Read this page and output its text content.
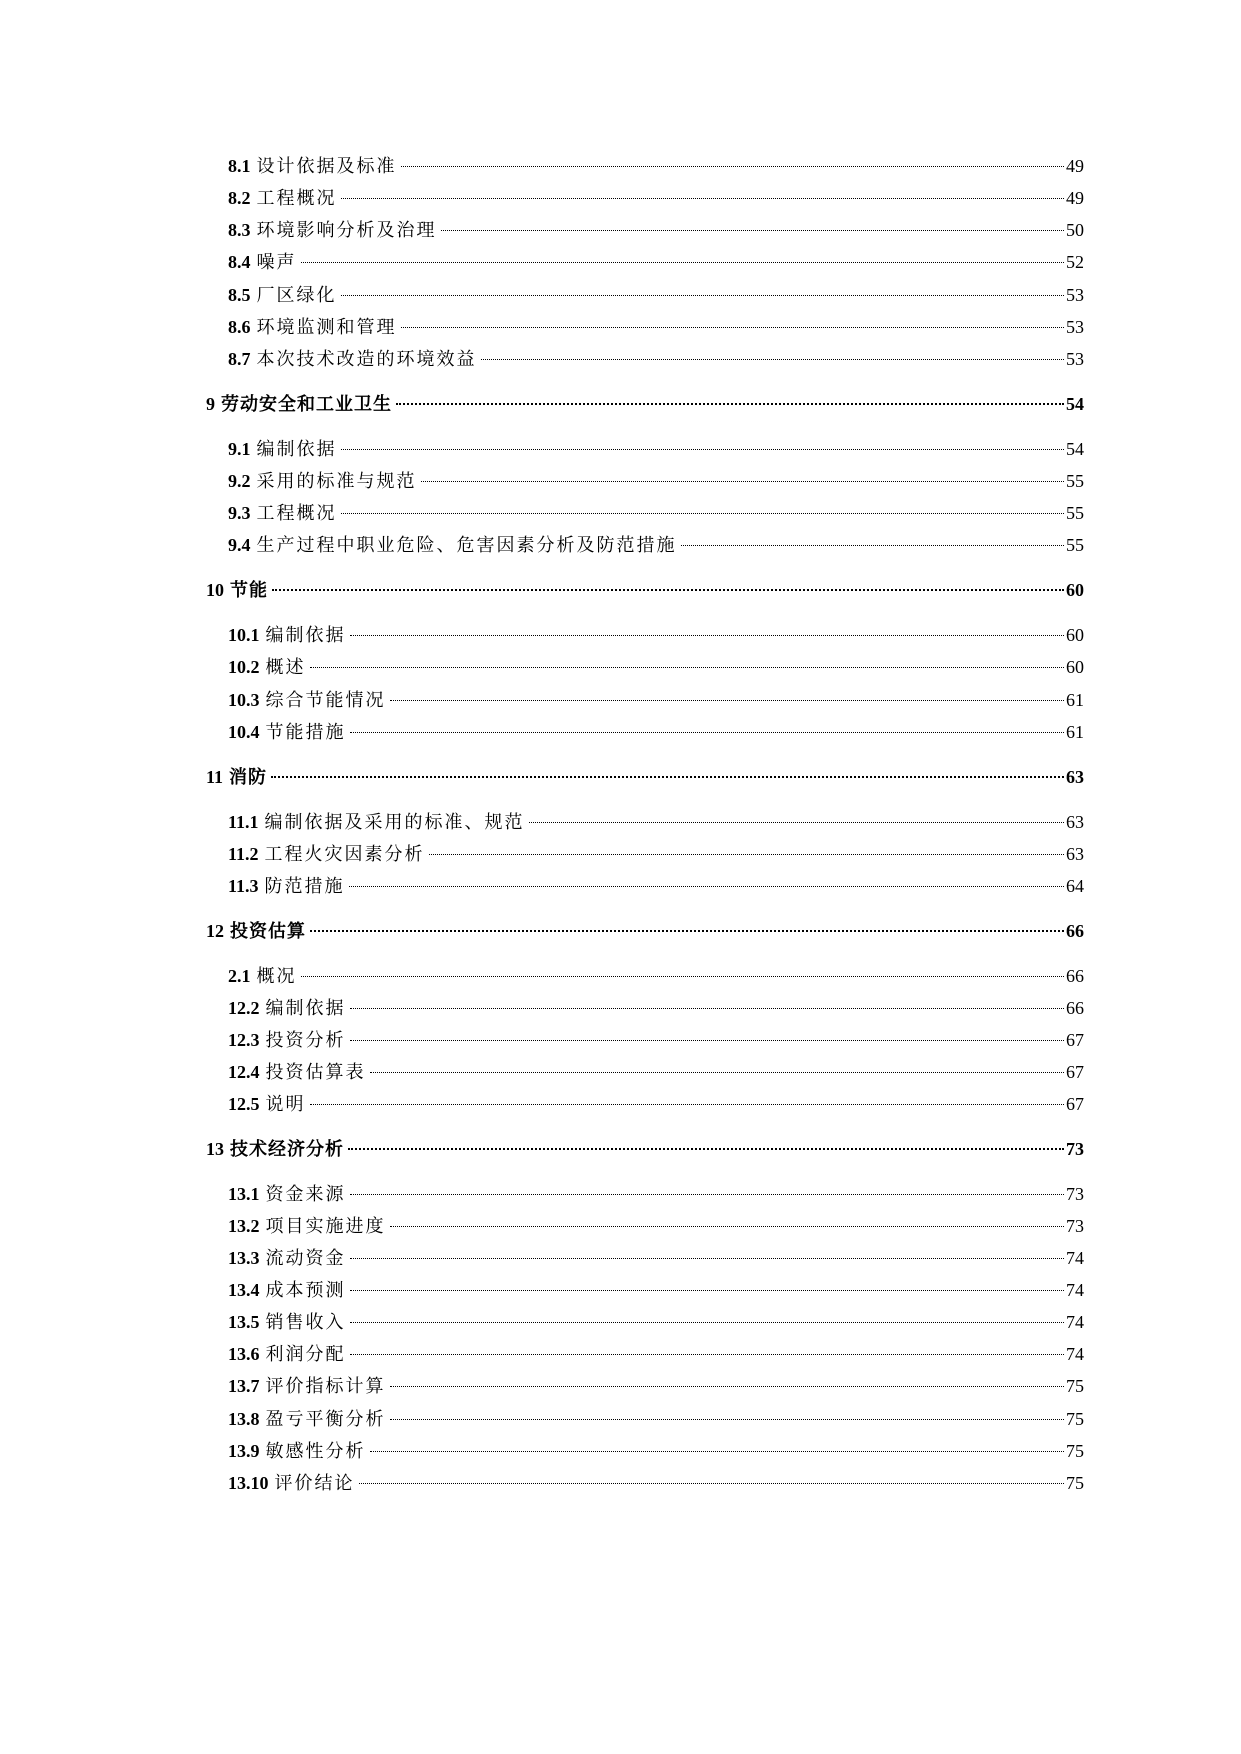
8.1 设计依据及标准	49
8.2 工程概况	49
8.3 环境影响分析及治理	50
8.4 噪声	52
8.5 厂区绿化	53
8.6 环境监测和管理	53
8.7 本次技术改造的环境效益	53
9 劳动安全和工业卫生	54
9.1 编制依据	54
9.2 采用的标准与规范	55
9.3 工程概况	55
9.4 生产过程中职业危险、危害因素分析及防范措施	55
10 节能	60
10.1 编制依据	60
10.2 概述	60
10.3 综合节能情况	61
10.4 节能措施	61
11 消防	63
11.1 编制依据及采用的标准、规范	63
11.2 工程火灾因素分析	63
11.3 防范措施	64
12 投资估算	66
2.1 概况	66
12.2 编制依据	66
12.3 投资分析	67
12.4 投资估算表	67
12.5 说明	67
13 技术经济分析	73
13.1 资金来源	73
13.2 项目实施进度	73
13.3 流动资金	74
13.4 成本预测	74
13.5 销售收入	74
13.6 利润分配	74
13.7 评价指标计算	75
13.8 盈亏平衡分析	75
13.9 敏感性分析	75
13.10 评价结论	75
